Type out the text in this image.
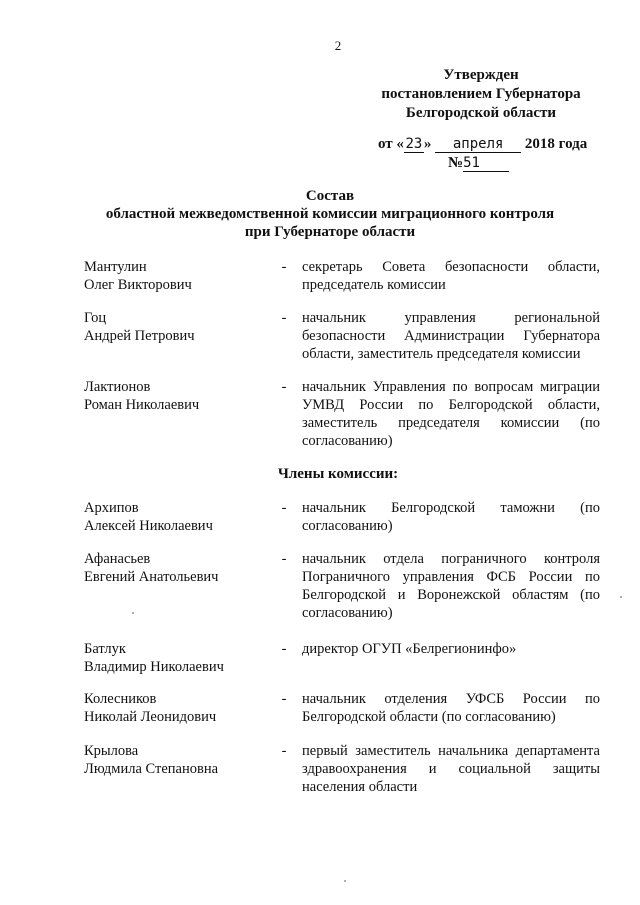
2
Утвержден
постановлением Губернатора
Белгородской области
от « 23 » апреля 2018 года
№51
Состав
областной межведомственной комиссии миграционного контроля
при Губернаторе области
Мантулин
Олег Викторович
- секретарь Совета безопасности области, председатель комиссии
Гоц
Андрей Петрович
- начальник управления региональной безопасности Администрации Губернатора области, заместитель председателя комиссии
Лактионов
Роман Николаевич
- начальник Управления по вопросам миграции УМВД России по Белгородской области, заместитель председателя комиссии (по согласованию)
Члены комиссии:
Архипов
Алексей Николаевич
- начальник Белгородской таможни (по согласованию)
Афанасьев
Евгений Анатольевич
- начальник отдела пограничного контроля Пограничного управления ФСБ России по Белгородской и Воронежской областям (по согласованию)
Батлук
Владимир Николаевич
- директор ОГУП «Белрегионинфо»
Колесников
Николай Леонидович
- начальник отделения УФСБ России по Белгородской области (по согласованию)
Крылова
Людмила Степановна
- первый заместитель начальника департамента здравоохранения и социальной защиты населения области
